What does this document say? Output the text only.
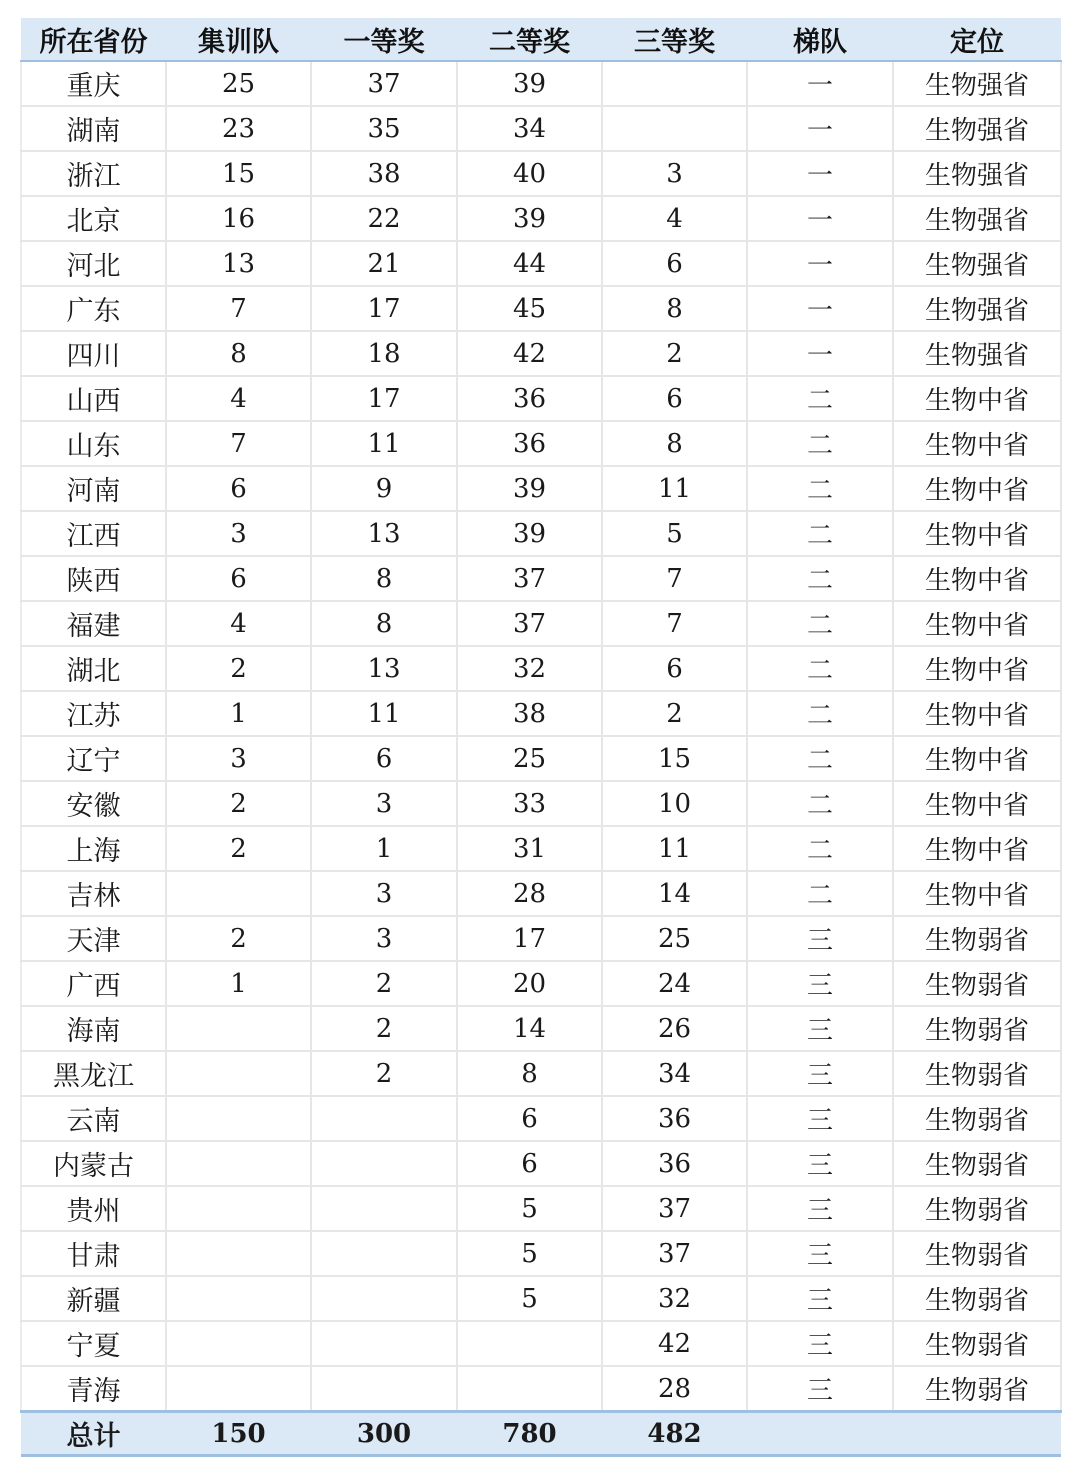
所在省份	集训队	一等奖	二等奖	三等奖	梯队	定位
重庆	25	37	39		一	生物强省
湖南	23	35	34		一	生物强省
浙江	15	38	40	3	一	生物强省
北京	16	22	39	4	一	生物强省
河北	13	21	44	6	一	生物强省
广东	7	17	45	8	一	生物强省
四川	8	18	42	2	一	生物强省
山西	4	17	36	6	二	生物中省
山东	7	11	36	8	二	生物中省
河南	6	9	39	11	二	生物中省
江西	3	13	39	5	二	生物中省
陕西	6	8	37	7	二	生物中省
福建	4	8	37	7	二	生物中省
湖北	2	13	32	6	二	生物中省
江苏	1	11	38	2	二	生物中省
辽宁	3	6	25	15	二	生物中省
安徽	2	3	33	10	二	生物中省
上海	2	1	31	11	二	生物中省
吉林		3	28	14	二	生物中省
天津	2	3	17	25	三	生物弱省
广西	1	2	20	24	三	生物弱省
海南		2	14	26	三	生物弱省
黑龙江		2	8	34	三	生物弱省
云南			6	36	三	生物弱省
内蒙古			6	36	三	生物弱省
贵州			5	37	三	生物弱省
甘肃			5	37	三	生物弱省
新疆			5	32	三	生物弱省
宁夏				42	三	生物弱省
青海				28	三	生物弱省
总计	150	300	780	482		
